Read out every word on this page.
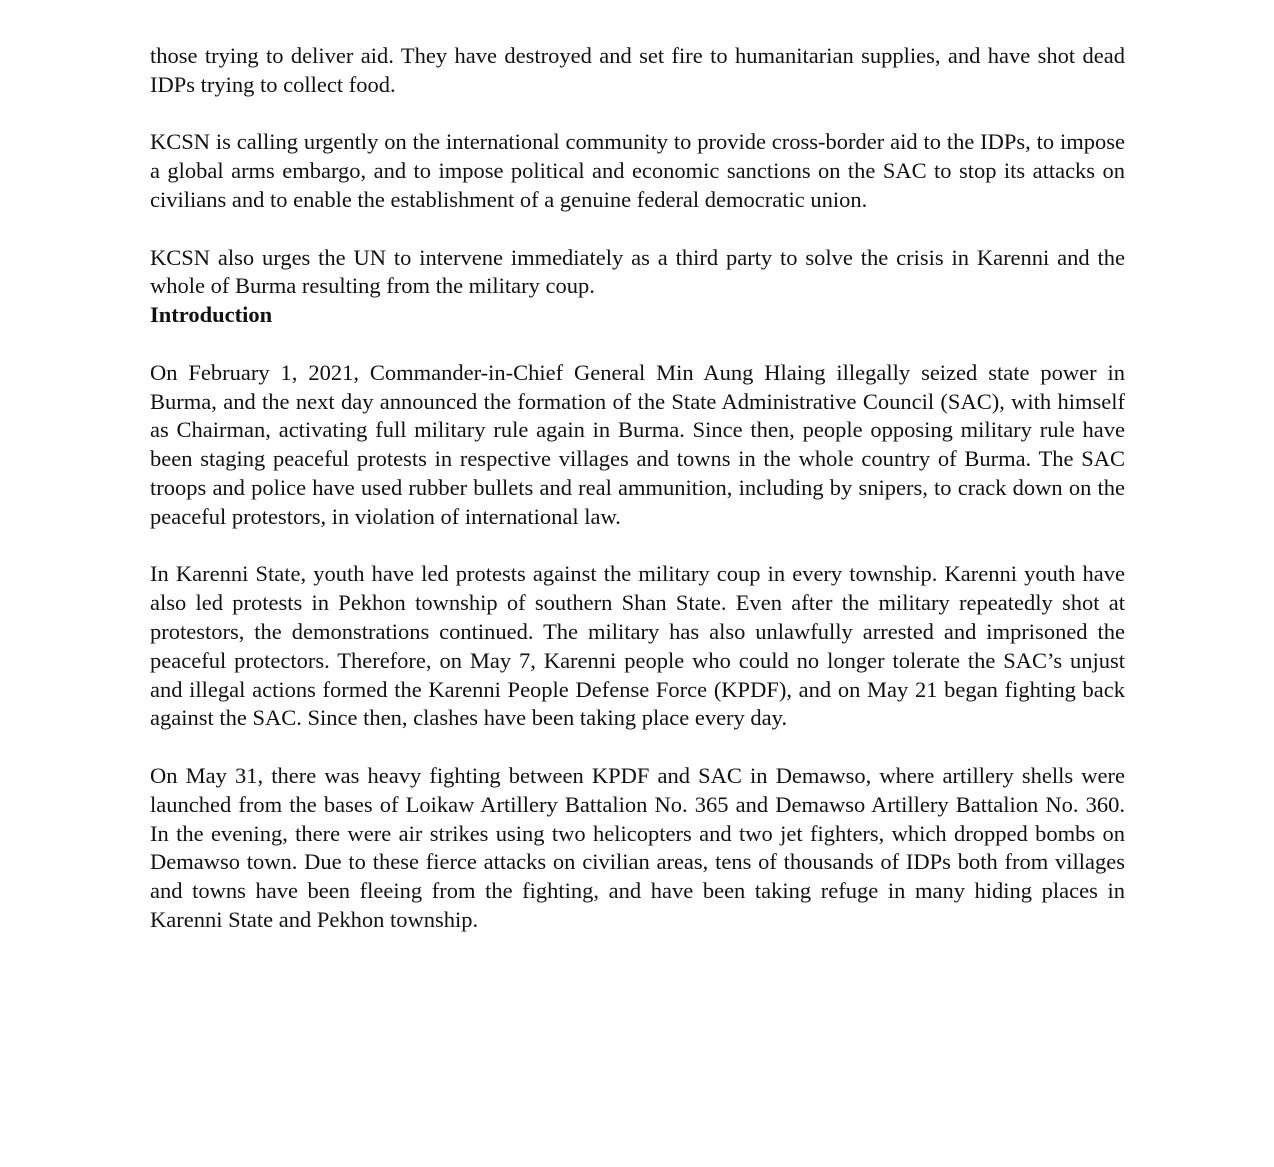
those trying to deliver aid. They have destroyed and set fire to humanitarian supplies, and have shot dead IDPs trying to collect food.

KCSN is calling urgently on the international community to provide cross-border aid to the IDPs, to impose a global arms embargo, and to impose political and economic sanctions on the SAC to stop its attacks on civilians and to enable the establishment of a genuine federal democratic union.

KCSN also urges the UN to intervene immediately as a third party to solve the crisis in Karenni and the whole of Burma resulting from the military coup.

Introduction

On February 1, 2021, Commander-in-Chief General Min Aung Hlaing illegally seized state power in Burma, and the next day announced the formation of the State Administrative Council (SAC), with himself as Chairman, activating full military rule again in Burma. Since then, people opposing military rule have been staging peaceful protests in respective villages and towns in the whole country of Burma. The SAC troops and police have used rubber bullets and real ammunition, including by snipers, to crack down on the peaceful protestors, in violation of international law.

In Karenni State, youth have led protests against the military coup in every township. Karenni youth have also led protests in Pekhon township of southern Shan State. Even after the military repeatedly shot at protestors, the demonstrations continued. The military has also unlawfully arrested and imprisoned the peaceful protectors. Therefore, on May 7, Karenni people who could no longer tolerate the SAC’s unjust and illegal actions formed the Karenni People Defense Force (KPDF), and on May 21 began fighting back against the SAC. Since then, clashes have been taking place every day.

On May 31, there was heavy fighting between KPDF and SAC in Demawso, where artillery shells were launched from the bases of Loikaw Artillery Battalion No. 365 and Demawso Artillery Battalion No. 360. In the evening, there were air strikes using two helicopters and two jet fighters, which dropped bombs on Demawso town. Due to these fierce attacks on civilian areas, tens of thousands of IDPs both from villages and towns have been fleeing from the fighting, and have been taking refuge in many hiding places in Karenni State and Pekhon township.
